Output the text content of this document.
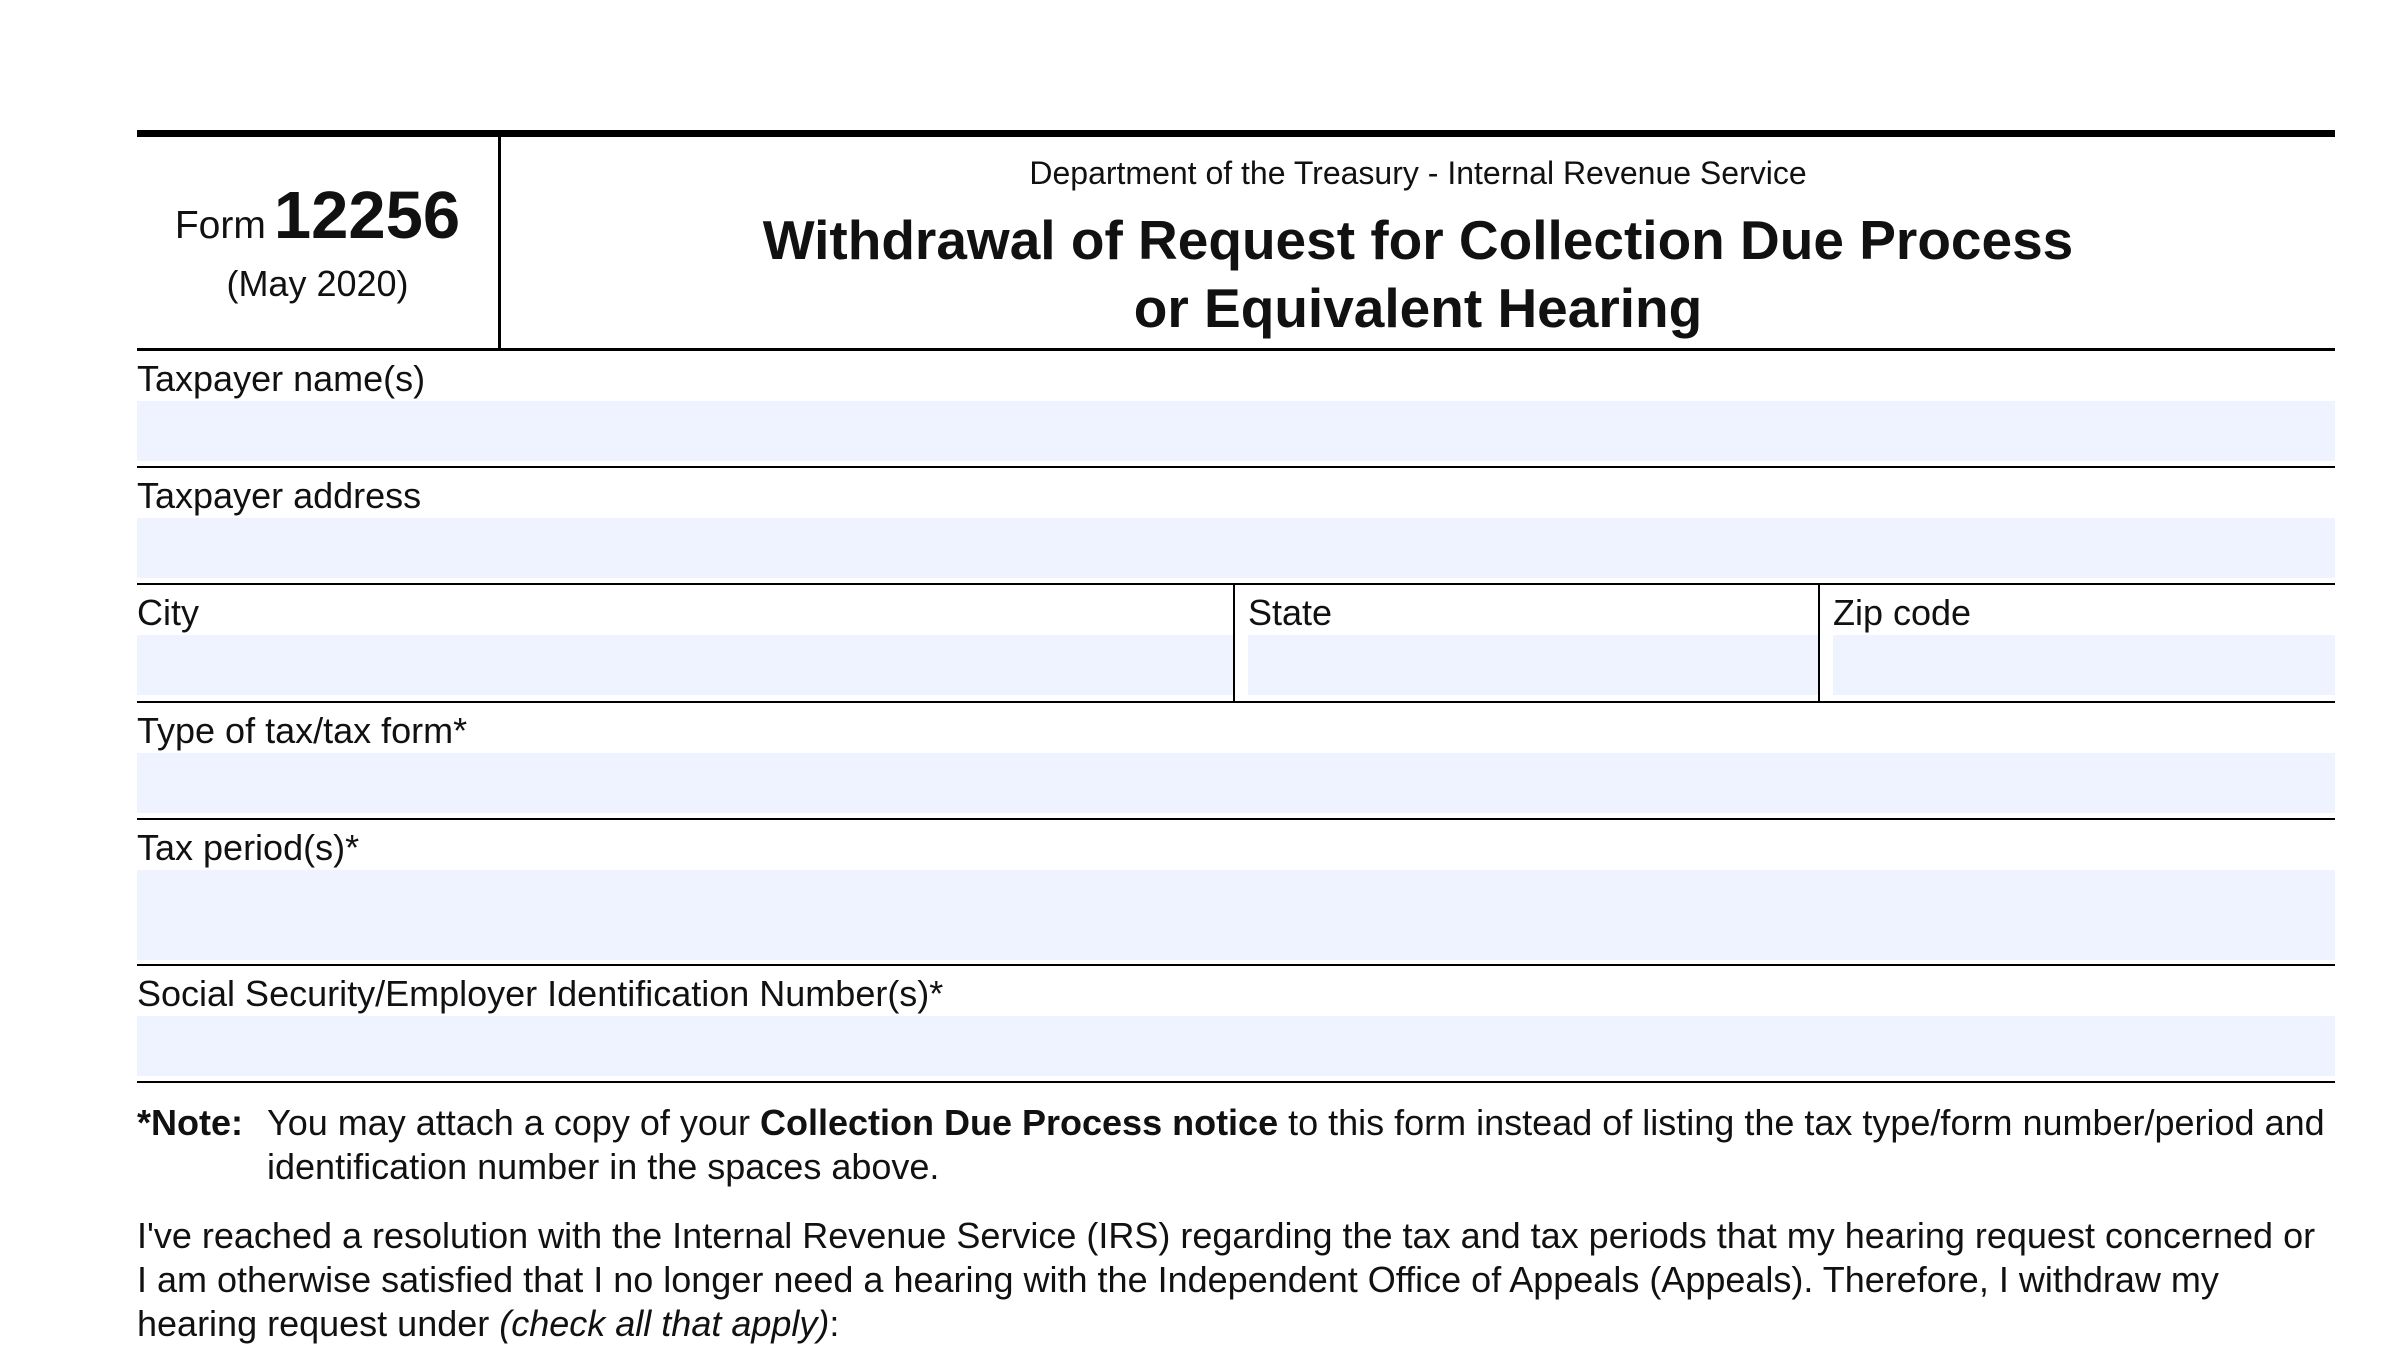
Form 12256
(May 2020)
Department of the Treasury - Internal Revenue Service
Withdrawal of Request for Collection Due Process
or Equivalent Hearing
Taxpayer name(s)
Taxpayer address
City	State	Zip code
Type of tax/tax form*
Tax period(s)*
Social Security/Employer Identification Number(s)*
*Note: You may attach a copy of your Collection Due Process notice to this form instead of listing the tax type/form number/period and identification number in the spaces above.
I've reached a resolution with the Internal Revenue Service (IRS) regarding the tax and tax periods that my hearing request concerned or I am otherwise satisfied that I no longer need a hearing with the Independent Office of Appeals (Appeals). Therefore, I withdraw my hearing request under (check all that apply):
